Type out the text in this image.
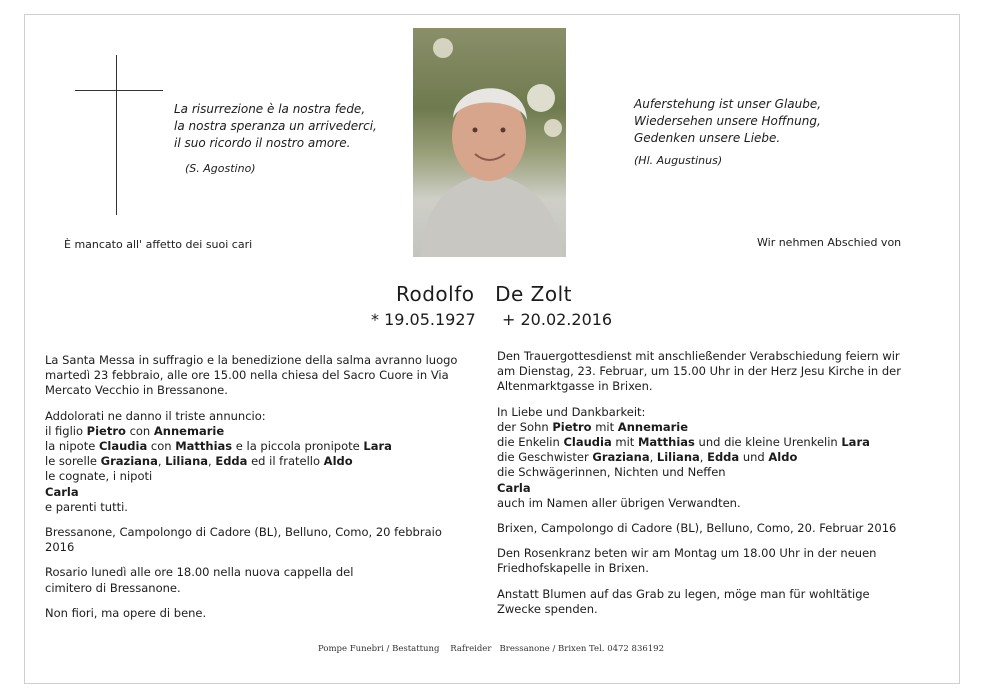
La risurrezione è la nostra fede,
la nostra speranza un arrivederci,
il suo ricordo il nostro amore.
(S. Agostino)
Auferstehung ist unser Glaube,
Wiedersehen unsere Hoffnung,
Gedenken unsere Liebe.
(Hl. Augustinus)
È mancato all' affetto dei suoi cari	Wir nehmen Abschied von
Rodolfo De Zolt
* 19.05.1927 + 20.02.2016

La Santa Messa in suffragio e la benedizione della salma avranno luogo martedì 23 febbraio, alle ore 15.00 nella chiesa del Sacro Cuore in Via Mercato Vecchio in Bressanone.

Addolorati ne danno il triste annuncio:

il figlio Pietro con Annemarie

la nipote Claudia con Matthias e la piccola pronipote Lara

le sorelle Graziana, Liliana, Edda ed il fratello Aldo

le cognate, i nipoti

Carla

e parenti tutti.

Bressanone, Campolongo di Cadore (BL), Belluno, Como, 20 febbraio 2016

Rosario lunedì alle ore 18.00 nella nuova cappella del cimitero di Bressanone.

Non fiori, ma opere di bene.

Den Trauergottesdienst mit anschließender Verabschiedung feiern wir am Dienstag, 23. Februar, um 15.00 Uhr in der Herz Jesu Kirche in der Altenmarktgasse in Brixen.

In Liebe und Dankbarkeit:

der Sohn Pietro mit Annemarie

die Enkelin Claudia mit Matthias und die kleine Urenkelin Lara

die Geschwister Graziana, Liliana, Edda und Aldo

die Schwägerinnen, Nichten und Neffen

Carla

auch im Namen aller übrigen Verwandten.

Brixen, Campolongo di Cadore (BL), Belluno, Como, 20. Februar 2016

Den Rosenkranz beten wir am Montag um 18.00 Uhr in der neuen Friedhofskapelle in Brixen.

Anstatt Blumen auf das Grab zu legen, möge man für wohltätige Zwecke spenden.

Pompe Funebri / Bestattung Rafreider Bressanone / Brixen Tel. 0472 836192
